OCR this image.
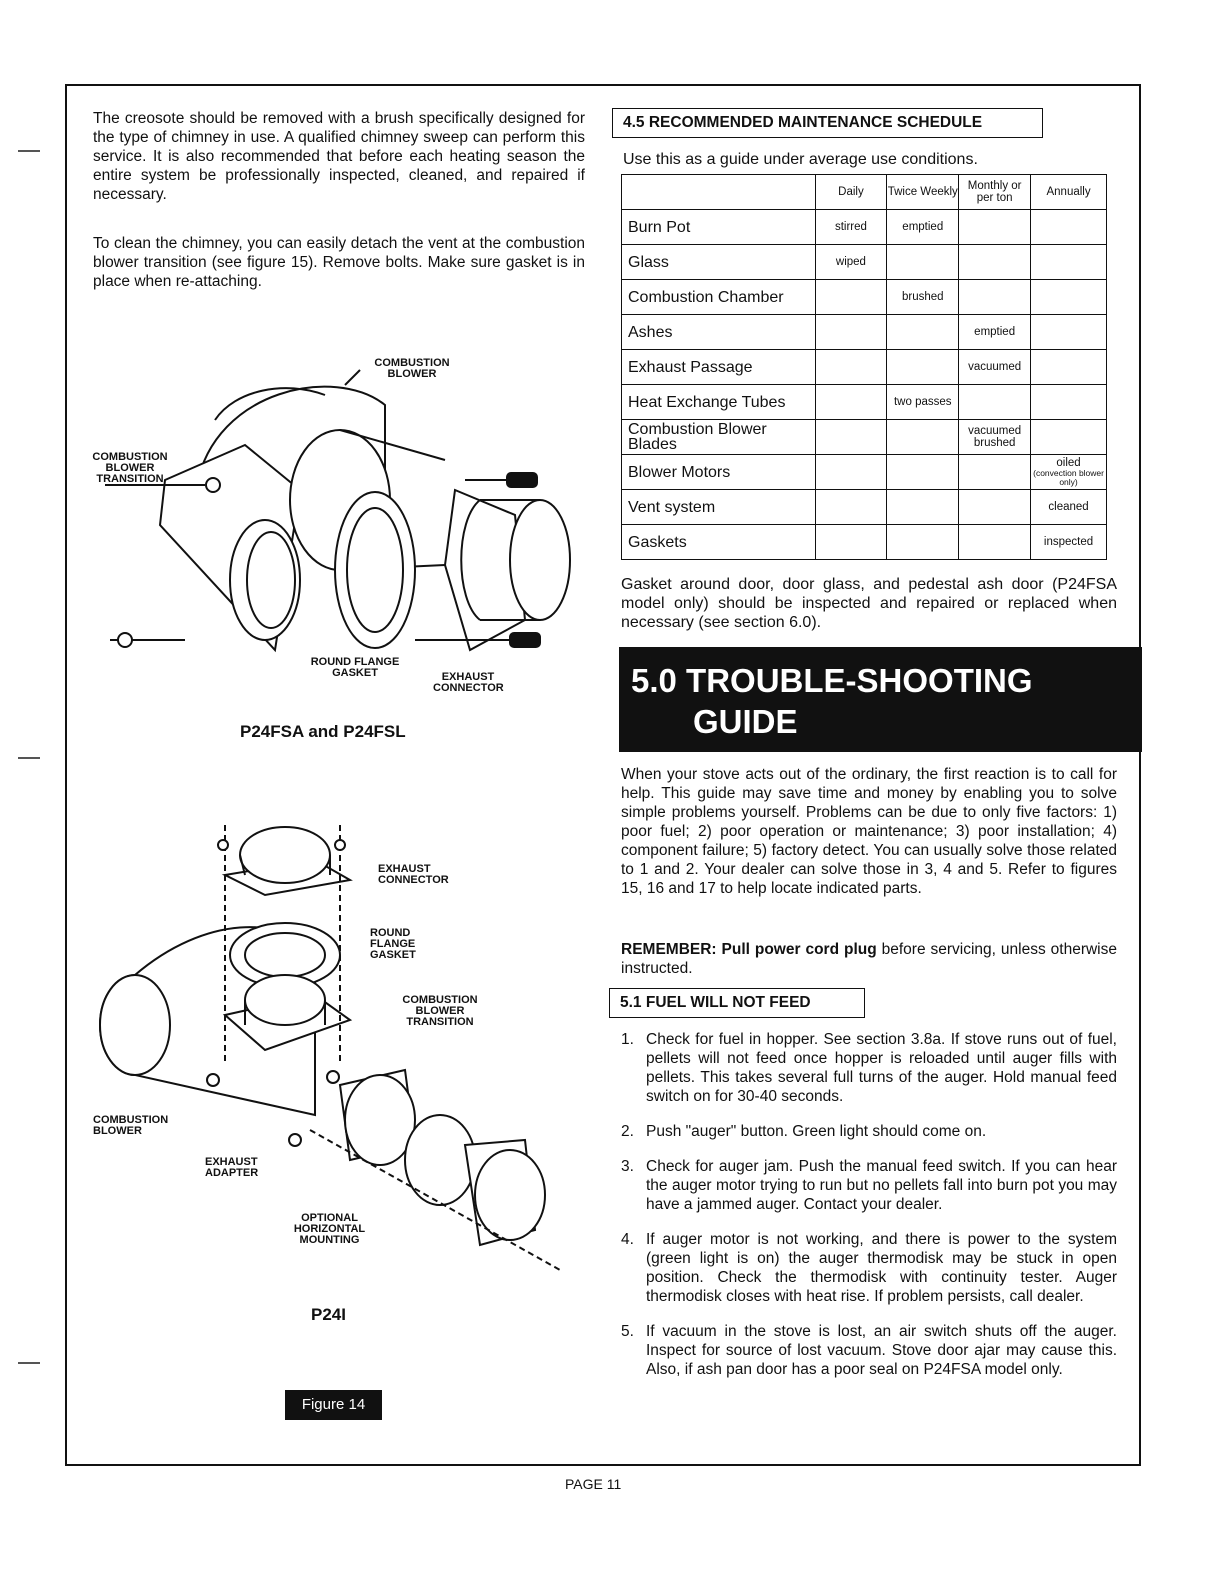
The creosote should be removed with a brush specifically designed for the type of chimney in use. A qualified chimney sweep can perform this service. It is also recommended that before each heating season the entire system be professionally inspected, cleaned, and repaired if necessary.
To clean the chimney, you can easily detach the vent at the combustion blower transition (see figure 15). Remove bolts. Make sure gasket is in place when re-attaching.
COMBUSTION BLOWER
COMBUSTION BLOWER TRANSITION
ROUND FLANGE GASKET	EXHAUST CONNECTOR
P24FSA and P24FSL
EXHAUST CONNECTOR
ROUND FLANGE GASKET
COMBUSTION BLOWER TRANSITION
COMBUSTION BLOWER
EXHAUST ADAPTER
OPTIONAL HORIZONTAL MOUNTING
P24I
Figure 14
4.5 RECOMMENDED MAINTENANCE SCHEDULE
Use this as a guide under average use conditions.
	Daily	Twice Weekly	Monthly or per ton	Annually
Burn Pot	stirred	emptied		
Glass	wiped			
Combustion Chamber		brushed		
Ashes			emptied	
Exhaust Passage			vacuumed	
Heat Exchange Tubes		two passes		
Combustion Blower Blades			vacuumed brushed	
Blower Motors				oiled
(convection blower only)

Vent system				cleaned
Gaskets				inspected
Gasket around door, door glass, and pedestal ash door (P24FSA model only) should be inspected and repaired or replaced when necessary (see section 6.0).
5.0 TROUBLE-SHOOTING
GUIDE
When your stove acts out of the ordinary, the first reaction is to call for help. This guide may save time and money by enabling you to solve simple problems yourself. Problems can be due to only five factors: 1) poor fuel; 2) poor operation or maintenance; 3) poor installation; 4) component failure; 5) factory detect. You can usually solve those related to 1 and 2. Your dealer can solve those in 3, 4 and 5. Refer to figures 15, 16 and 17 to help locate indicated parts.
REMEMBER: Pull power cord plug before servicing, unless otherwise instructed.
5.1 FUEL WILL NOT FEED
1. Check for fuel in hopper. See section 3.8a. If stove runs out of fuel, pellets will not feed once hopper is reloaded until auger fills with pellets. This takes several full turns of the auger. Hold manual feed switch on for 30-40 seconds.
2. Push "auger" button. Green light should come on.
3. Check for auger jam. Push the manual feed switch. If you can hear the auger motor trying to run but no pellets fall into burn pot you may have a jammed auger. Contact your dealer.
4. If auger motor is not working, and there is power to the system (green light is on) the auger thermodisk may be stuck in open position. Check the thermodisk with continuity tester. Auger thermodisk closes with heat rise. If problem persists, call dealer.
5. If vacuum in the stove is lost, an air switch shuts off the auger. Inspect for source of lost vacuum. Stove door ajar may cause this. Also, if ash pan door has a poor seal on P24FSA model only.
PAGE 11
